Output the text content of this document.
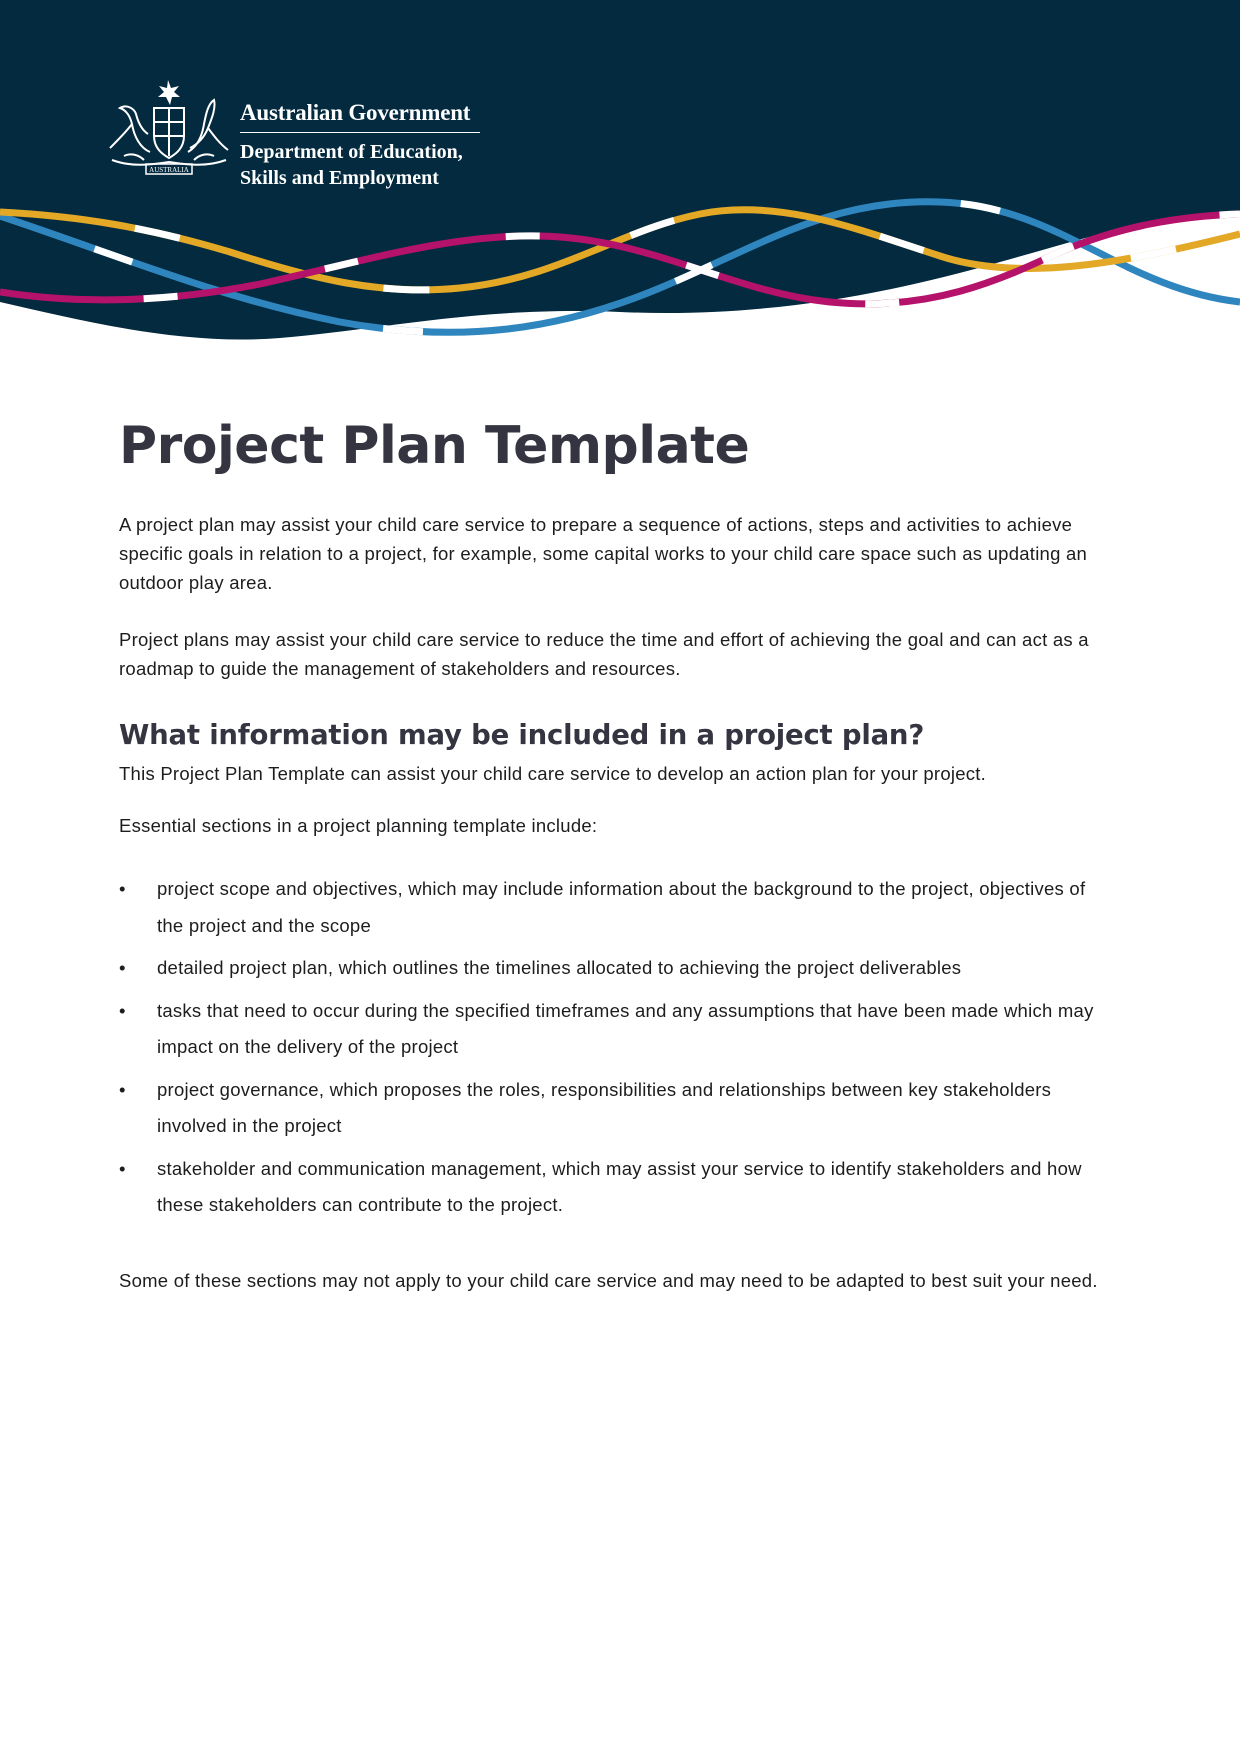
AUSTRALIA
Australian Government
Department of Education,
Skills and Employment
Project Plan Template

A project plan may assist your child care service to prepare a sequence of actions, steps and activities to achieve specific goals in relation to a project, for example, some capital works to your child care space such as updating an outdoor play area.

Project plans may assist your child care service to reduce the time and effort of achieving the goal and can act as a roadmap to guide the management of stakeholders and resources.

What information may be included in a project plan?

This Project Plan Template can assist your child care service to develop an action plan for your project.

Essential sections in a project planning template include:

• project scope and objectives, which may include information about the background to the project, objectives of the project and the scope
• detailed project plan, which outlines the timelines allocated to achieving the project deliverables
• tasks that need to occur during the specified timeframes and any assumptions that have been made which may impact on the delivery of the project
• project governance, which proposes the roles, responsibilities and relationships between key stakeholders involved in the project
• stakeholder and communication management, which may assist your service to identify stakeholders and how these stakeholders can contribute to the project.

Some of these sections may not apply to your child care service and may need to be adapted to best suit your need.
